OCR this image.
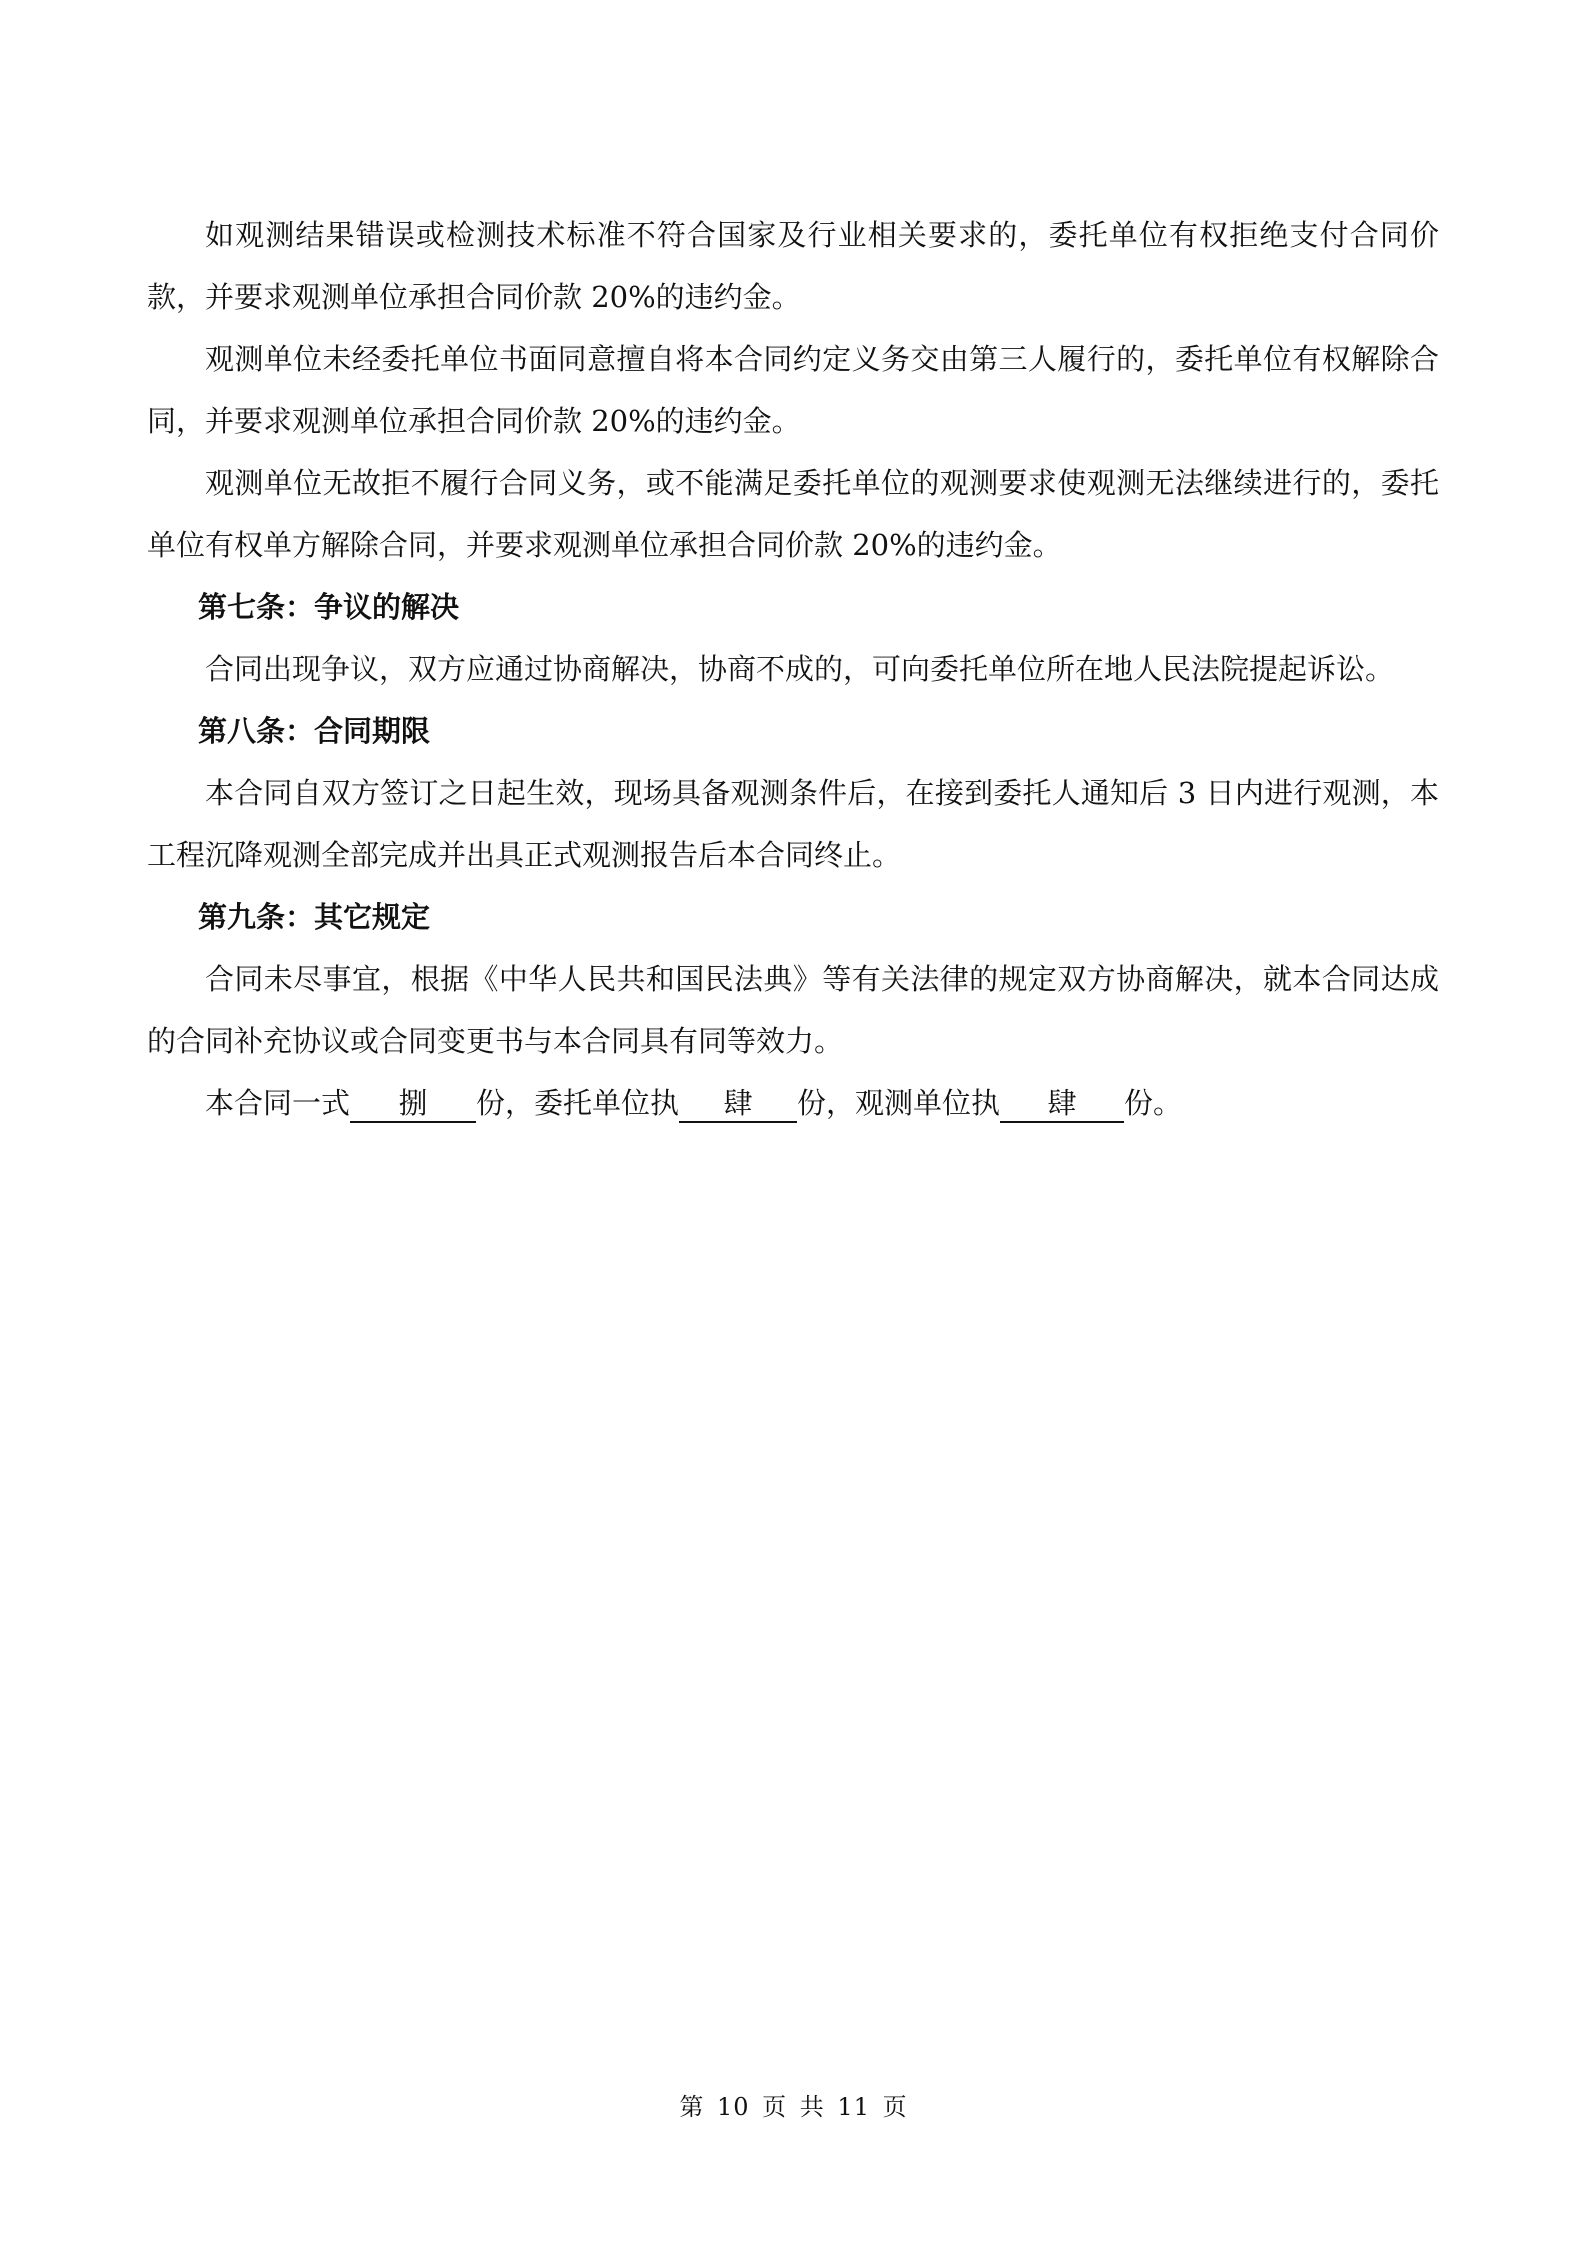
如观测结果错误或检测技术标准不符合国家及行业相关要求的，委托单位有权拒绝支付合同价款，并要求观测单位承担合同价款 20%的违约金。

观测单位未经委托单位书面同意擅自将本合同约定义务交由第三人履行的，委托单位有权解除合同，并要求观测单位承担合同价款 20%的违约金。

观测单位无故拒不履行合同义务，或不能满足委托单位的观测要求使观测无法继续进行的，委托单位有权单方解除合同，并要求观测单位承担合同价款 20%的违约金。

第七条：争议的解决

合同出现争议，双方应通过协商解决，协商不成的，可向委托单位所在地人民法院提起诉讼。

第八条：合同期限

本合同自双方签订之日起生效，现场具备观测条件后，在接到委托人通知后 3 日内进行观测，本工程沉降观测全部完成并出具正式观测报告后本合同终止。

第九条：其它规定

合同未尽事宜，根据《中华人民共和国民法典》等有关法律的规定双方协商解决，就本合同达成的合同补充协议或合同变更书与本合同具有同等效力。

本合同一式 捌 份，委托单位执 肆 份，观测单位执 肆 份。

第 10 页 共 11 页
